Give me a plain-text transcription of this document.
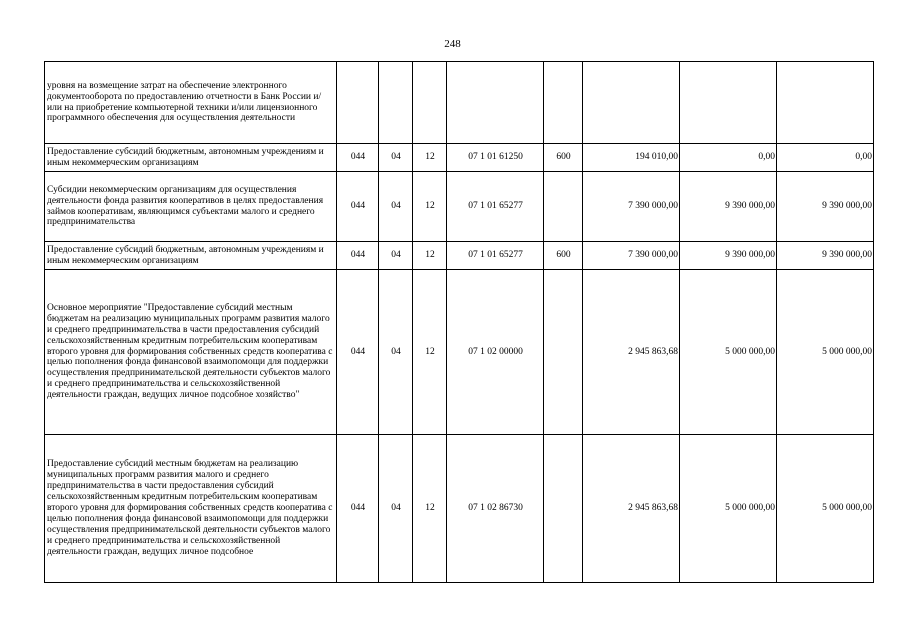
248
уровня на возмещение затрат на обеспечение электронного документооборота по предоставлению отчетности в Банк России и/или на приобретение компьютерной техники и/или лицензионного программного обеспечения для осуществления деятельности								
Предоставление субсидий бюджетным, автономным учреждениям и иным некоммерческим организациям	044	04	12	07 1 01 61250	600	194 010,00	0,00	0,00
Субсидии некоммерческим организациям для осуществления деятельности фонда развития кооперативов в целях предоставления займов кооперативам, являющимся субъектами малого и среднего предпринимательства	044	04	12	07 1 01 65277		7 390 000,00	9 390 000,00	9 390 000,00
Предоставление субсидий бюджетным, автономным учреждениям и иным некоммерческим организациям	044	04	12	07 1 01 65277	600	7 390 000,00	9 390 000,00	9 390 000,00
Основное мероприятие "Предоставление субсидий местным бюджетам на реализацию муниципальных программ развития малого и среднего предпринимательства в части предоставления субсидий сельскохозяйственным кредитным потребительским кооперативам второго уровня для формирования собственных средств кооператива с целью пополнения фонда финансовой взаимопомощи для поддержки осуществления предпринимательской деятельности субъектов малого и среднего предпринимательства и сельскохозяйственной деятельности граждан, ведущих личное подсобное хозяйство"	044	04	12	07 1 02 00000		2 945 863,68	5 000 000,00	5 000 000,00
Предоставление субсидий местным бюджетам на реализацию муниципальных программ развития малого и среднего предпринимательства в части предоставления субсидий сельскохозяйственным кредитным потребительским кооперативам второго уровня для формирования собственных средств кооператива с целью пополнения фонда финансовой взаимопомощи для поддержки осуществления предпринимательской деятельности субъектов малого и среднего предпринимательства и сельскохозяйственной деятельности граждан, ведущих личное подсобное	044	04	12	07 1 02 86730		2 945 863,68	5 000 000,00	5 000 000,00
